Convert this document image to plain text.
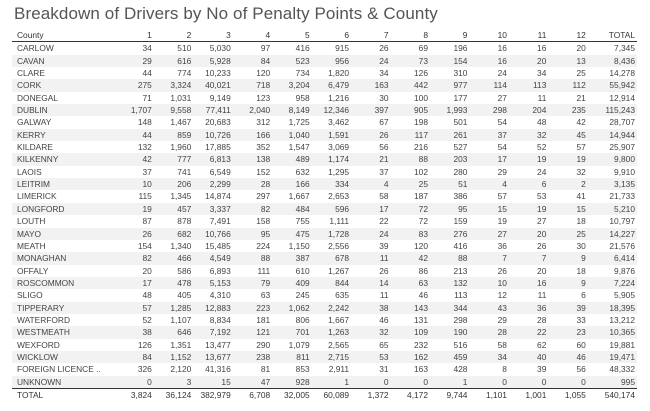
Breakdown of Drivers by No of Penalty Points & County
County	1	2	3	4	5	6	7	8	9	10	11	12	TOTAL
CARLOW	34	510	5,030	97	416	915	26	69	196	16	16	20	7,345
CAVAN	29	616	5,928	84	523	956	24	73	154	16	20	13	8,436
CLARE	44	774	10,233	120	734	1,820	34	126	310	24	34	25	14,278
CORK	275	3,324	40,021	718	3,204	6,479	163	442	977	114	113	112	55,942
DONEGAL	71	1,031	9,149	123	958	1,216	30	100	177	27	11	21	12,914
DUBLIN	1,707	9,558	77,411	2,040	8,149	12,346	397	905	1,993	298	204	235	115,243
GALWAY	148	1,467	20,683	312	1,725	3,462	67	198	501	54	48	42	28,707
KERRY	44	859	10,726	166	1,040	1,591	26	117	261	37	32	45	14,944
KILDARE	132	1,960	17,885	352	1,547	3,069	56	216	527	54	52	57	25,907
KILKENNY	42	777	6,813	138	489	1,174	21	88	203	17	19	19	9,800
LAOIS	37	741	6,549	152	632	1,295	37	102	280	29	24	32	9,910
LEITRIM	10	206	2,299	28	166	334	4	25	51	4	6	2	3,135
LIMERICK	115	1,345	14,874	297	1,667	2,653	58	187	386	57	53	41	21,733
LONGFORD	19	457	3,337	82	484	596	17	72	95	15	19	15	5,210
LOUTH	87	878	7,491	158	755	1,111	22	72	159	19	27	18	10,797
MAYO	26	682	10,766	95	475	1,728	24	83	276	27	20	25	14,227
MEATH	154	1,340	15,485	224	1,150	2,556	39	120	416	36	26	30	21,576
MONAGHAN	82	466	4,549	88	387	678	11	42	88	7	7	9	6,414
OFFALY	20	586	6,893	111	610	1,267	26	86	213	26	20	18	9,876
ROSCOMMON	17	478	5,153	79	409	844	14	63	132	10	16	9	7,224
SLIGO	48	405	4,310	63	245	635	11	46	113	12	11	6	5,905
TIPPERARY	57	1,285	12,883	223	1,062	2,242	38	143	344	43	36	39	18,395
WATERFORD	52	1,107	8,834	181	806	1,667	46	131	298	29	28	33	13,212
WESTMEATH	38	646	7,192	121	701	1,263	32	109	190	28	22	23	10,365
WEXFORD	126	1,351	13,477	290	1,079	2,565	65	232	516	58	62	60	19,881
WICKLOW	84	1,152	13,677	238	811	2,715	53	162	459	34	40	46	19,471
FOREIGN LICENCE ..	326	2,120	41,316	81	853	2,911	31	163	428	8	39	56	48,332
UNKNOWN	0	3	15	47	928	1	0	0	1	0	0	0	995
TOTAL	3,824	36,124	382,979	6,708	32,005	60,089	1,372	4,172	9,744	1,101	1,001	1,055	540,174
